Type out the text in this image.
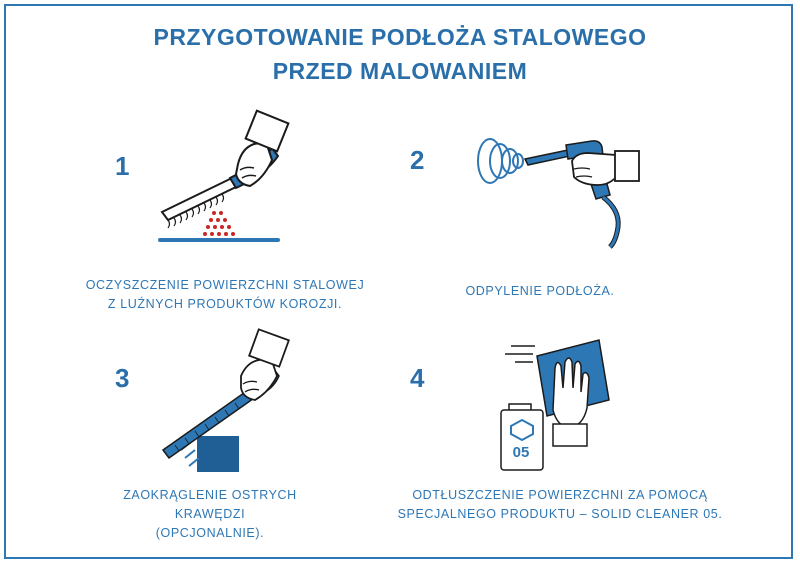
PRZYGOTOWANIE PODŁOŻA STALOWEGO
PRZED MALOWANIEM
1
OCZYSZCZENIE POWIERZCHNI STALOWEJ
Z LUŹNYCH PRODUKTÓW KOROZJI.
2
ODPYLENIE PODŁOŻA.
3
ZAOKRĄGLENIE OSTRYCH
KRAWĘDZI
(OPCJONALNIE).
4
05
ODTŁUSZCZENIE POWIERZCHNI ZA POMOCĄ
SPECJALNEGO PRODUKTU – SOLID CLEANER 05.
